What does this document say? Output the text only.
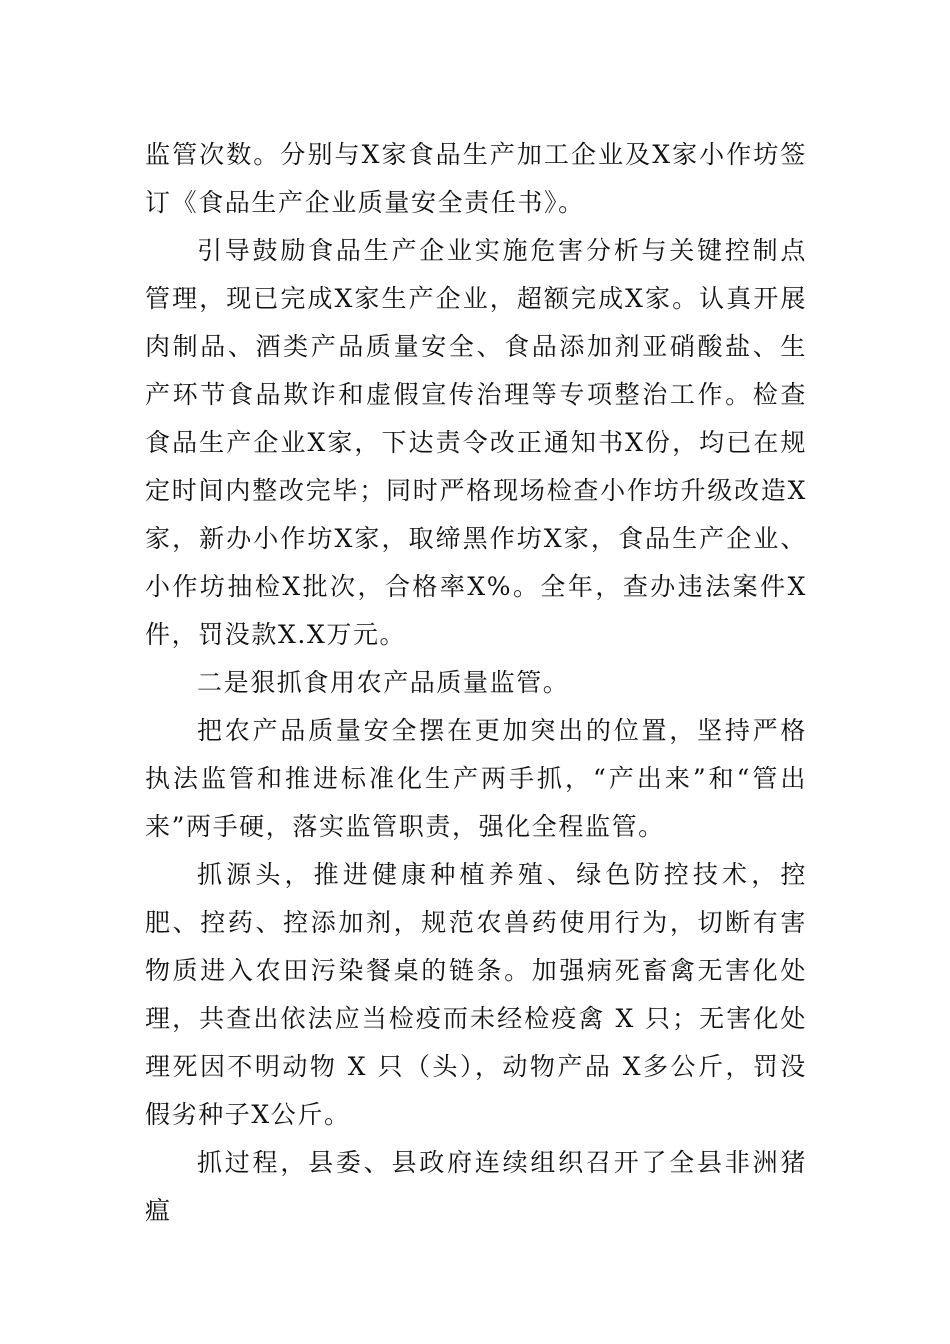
监管次数。分别与X家食品生产加工企业及X家小作坊签订《食品生产企业质量安全责任书》。

引导鼓励食品生产企业实施危害分析与关键控制点管理，现已完成X家生产企业，超额完成X家。认真开展肉制品、酒类产品质量安全、食品添加剂亚硝酸盐、生产环节食品欺诈和虚假宣传治理等专项整治工作。检查食品生产企业X家，下达责令改正通知书X份，均已在规定时间内整改完毕；同时严格现场检查小作坊升级改造X家，新办小作坊X家，取缔黑作坊X家，食品生产企业、小作坊抽检X批次，合格率X%。全年，查办违法案件X件，罚没款X.X万元。

二是狠抓食用农产品质量监管。

把农产品质量安全摆在更加突出的位置，坚持严格执法监管和推进标准化生产两手抓，“产出来”和“管出来”两手硬，落实监管职责，强化全程监管。

抓源头，推进健康种植养殖、绿色防控技术，控肥、控药、控添加剂，规范农兽药使用行为，切断有害物质进入农田污染餐桌的链条。加强病死畜禽无害化处理，共查出依法应当检疫而未经检疫禽 X 只；无害化处理死因不明动物 X 只（头），动物产品 X多公斤，罚没假劣种子X公斤。

抓过程，县委、县政府连续组织召开了全县非洲猪瘟
